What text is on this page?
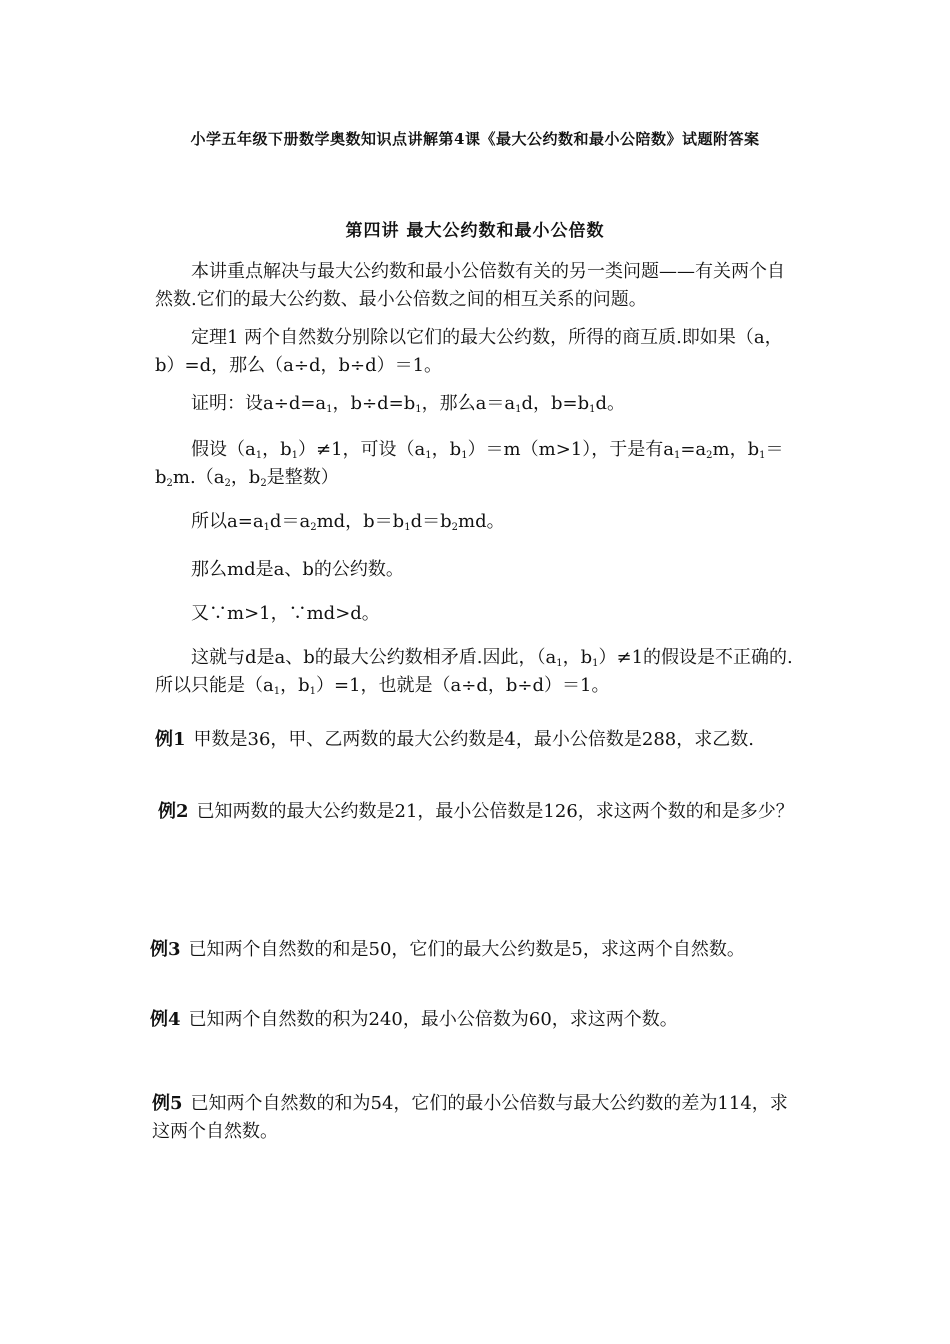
小学五年级下册数学奥数知识点讲解第4课《最大公约数和最小公陪数》试题附答案
第四讲 最大公约数和最小公倍数
本讲重点解决与最大公约数和最小公倍数有关的另一类问题——有关两个自然数.它们的最大公约数、最小公倍数之间的相互关系的问题。
定理1 两个自然数分别除以它们的最大公约数，所得的商互质.即如果（a，b）=d，那么（a÷d，b÷d）＝1。
证明：设$a\div d=a_1$，$b\div d=b_1$，那么$a=a_1d$，$b=b_1d$。
假设（$a_1$，$b_1)\ne 1$，可设（$a_1$，$b_1)=m(m>1)$，于是有$a_1=a_2m$，$b_1=b_2m.(a_2$，$b_2$是整数）
所以$a=a_1d=a_2md$，$b=b_1d=b_2md$。
那么md是a、b的公约数。
又∵m>1，∵md>d。
这就与d是a、b的最大公约数相矛盾.因此，（$a_1$，$b_1)\ne 1$的假设是不正确的.所以只能是（$a_1$，$b_1)=1$，也就是（a÷d，b÷d）＝1。
例1 甲数是36，甲、乙两数的最大公约数是4，最小公倍数是288，求乙数.
例2 已知两数的最大公约数是21，最小公倍数是126，求这两个数的和是多少？
例3 已知两个自然数的和是50，它们的最大公约数是5，求这两个自然数。
例4 已知两个自然数的积为240，最小公倍数为60，求这两个数。
例5 已知两个自然数的和为54，它们的最小公倍数与最大公约数的差为114，求这两个自然数。
